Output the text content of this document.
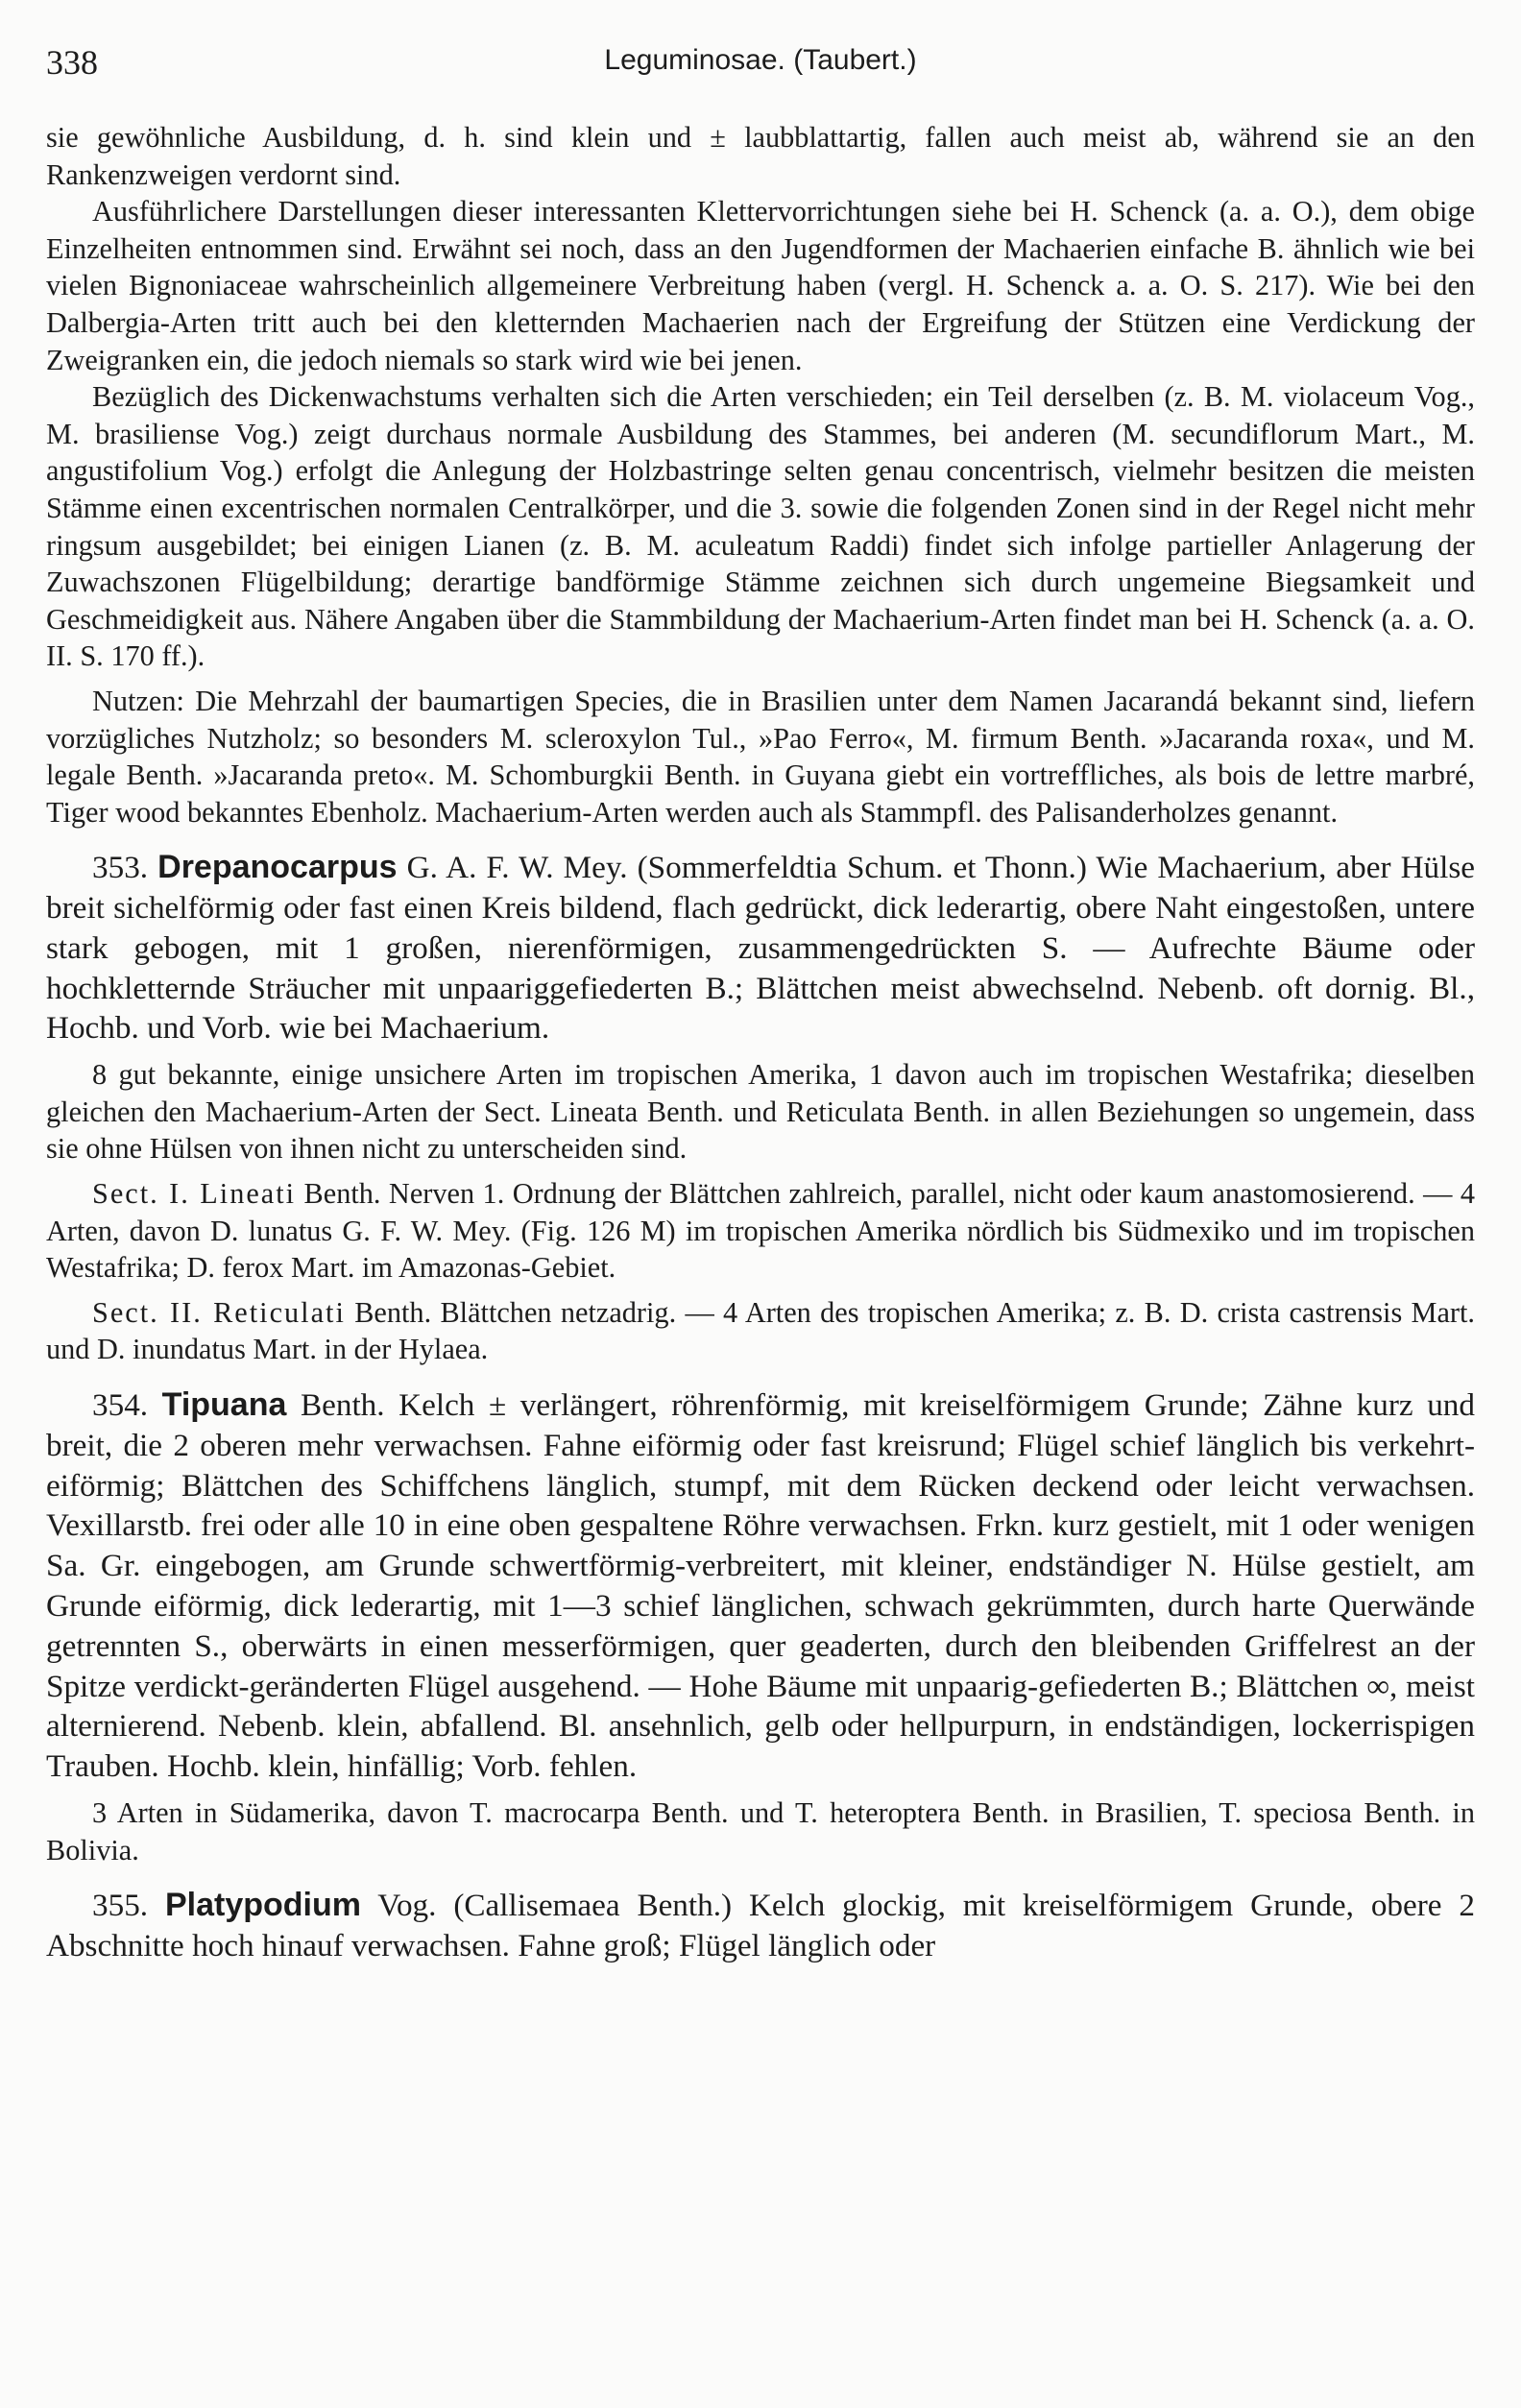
338	Leguminosae. (Taubert.)

sie gewöhnliche Ausbildung, d. h. sind klein und ± laubblattartig, fallen auch meist ab, während sie an den Rankenzweigen verdornt sind.

Ausführlichere Darstellungen dieser interessanten Klettervorrichtungen siehe bei H. Schenck (a. a. O.), dem obige Einzelheiten entnommen sind. Erwähnt sei noch, dass an den Jugendformen der Machaerien einfache B. ähnlich wie bei vielen Bignoniaceae wahrscheinlich allgemeinere Verbreitung haben (vergl. H. Schenck a. a. O. S. 217). Wie bei den Dalbergia-Arten tritt auch bei den kletternden Machaerien nach der Ergreifung der Stützen eine Verdickung der Zweigranken ein, die jedoch niemals so stark wird wie bei jenen.

Bezüglich des Dickenwachstums verhalten sich die Arten verschieden; ein Teil derselben (z. B. M. violaceum Vog., M. brasiliense Vog.) zeigt durchaus normale Ausbildung des Stammes, bei anderen (M. secundiflorum Mart., M. angustifolium Vog.) erfolgt die Anlegung der Holzbastringe selten genau concentrisch, vielmehr besitzen die meisten Stämme einen excentrischen normalen Centralkörper, und die 3. sowie die folgenden Zonen sind in der Regel nicht mehr ringsum ausgebildet; bei einigen Lianen (z. B. M. aculeatum Raddi) findet sich infolge partieller Anlagerung der Zuwachszonen Flügelbildung; derartige bandförmige Stämme zeichnen sich durch ungemeine Biegsamkeit und Geschmeidigkeit aus. Nähere Angaben über die Stammbildung der Machaerium-Arten findet man bei H. Schenck (a. a. O. II. S. 170 ff.).

Nutzen: Die Mehrzahl der baumartigen Species, die in Brasilien unter dem Namen Jacarandá bekannt sind, liefern vorzügliches Nutzholz; so besonders M. scleroxylon Tul., »Pao Ferro«, M. firmum Benth. »Jacaranda roxa«, und M. legale Benth. »Jacaranda preto«. M. Schomburgkii Benth. in Guyana giebt ein vortreffliches, als bois de lettre marbré, Tiger wood bekanntes Ebenholz. Machaerium-Arten werden auch als Stammpfl. des Palisanderholzes genannt.

353. Drepanocarpus G. A. F. W. Mey. (Sommerfeldtia Schum. et Thonn.) Wie Machaerium, aber Hülse breit sichelförmig oder fast einen Kreis bildend, flach gedrückt, dick lederartig, obere Naht eingestoßen, untere stark gebogen, mit 1 großen, nierenförmigen, zusammengedrückten S. — Aufrechte Bäume oder hochkletternde Sträucher mit unpaariggefiederten B.; Blättchen meist abwechselnd. Nebenb. oft dornig. Bl., Hochb. und Vorb. wie bei Machaerium.

8 gut bekannte, einige unsichere Arten im tropischen Amerika, 1 davon auch im tropischen Westafrika; dieselben gleichen den Machaerium-Arten der Sect. Lineata Benth. und Reticulata Benth. in allen Beziehungen so ungemein, dass sie ohne Hülsen von ihnen nicht zu unterscheiden sind.

Sect. I. Lineati Benth. Nerven 1. Ordnung der Blättchen zahlreich, parallel, nicht oder kaum anastomosierend. — 4 Arten, davon D. lunatus G. F. W. Mey. (Fig. 126 M) im tropischen Amerika nördlich bis Südmexiko und im tropischen Westafrika; D. ferox Mart. im Amazonas-Gebiet.

Sect. II. Reticulati Benth. Blättchen netzadrig. — 4 Arten des tropischen Amerika; z. B. D. crista castrensis Mart. und D. inundatus Mart. in der Hylaea.

354. Tipuana Benth. Kelch ± verlängert, röhrenförmig, mit kreiselförmigem Grunde; Zähne kurz und breit, die 2 oberen mehr verwachsen. Fahne eiförmig oder fast kreisrund; Flügel schief länglich bis verkehrt-eiförmig; Blättchen des Schiffchens länglich, stumpf, mit dem Rücken deckend oder leicht verwachsen. Vexillarstb. frei oder alle 10 in eine oben gespaltene Röhre verwachsen. Frkn. kurz gestielt, mit 1 oder wenigen Sa. Gr. eingebogen, am Grunde schwertförmig-verbreitert, mit kleiner, endständiger N. Hülse gestielt, am Grunde eiförmig, dick lederartig, mit 1—3 schief länglichen, schwach gekrümmten, durch harte Querwände getrennten S., oberwärts in einen messerförmigen, quer geaderten, durch den bleibenden Griffelrest an der Spitze verdickt-geränderten Flügel ausgehend. — Hohe Bäume mit unpaarig-gefiederten B.; Blättchen ∞, meist alternierend. Nebenb. klein, abfallend. Bl. ansehnlich, gelb oder hellpurpurn, in endständigen, lockerrispigen Trauben. Hochb. klein, hinfällig; Vorb. fehlen.

3 Arten in Südamerika, davon T. macrocarpa Benth. und T. heteroptera Benth. in Brasilien, T. speciosa Benth. in Bolivia.

355. Platypodium Vog. (Callisemaea Benth.) Kelch glockig, mit kreiselförmigem Grunde, obere 2 Abschnitte hoch hinauf verwachsen. Fahne groß; Flügel länglich oder
